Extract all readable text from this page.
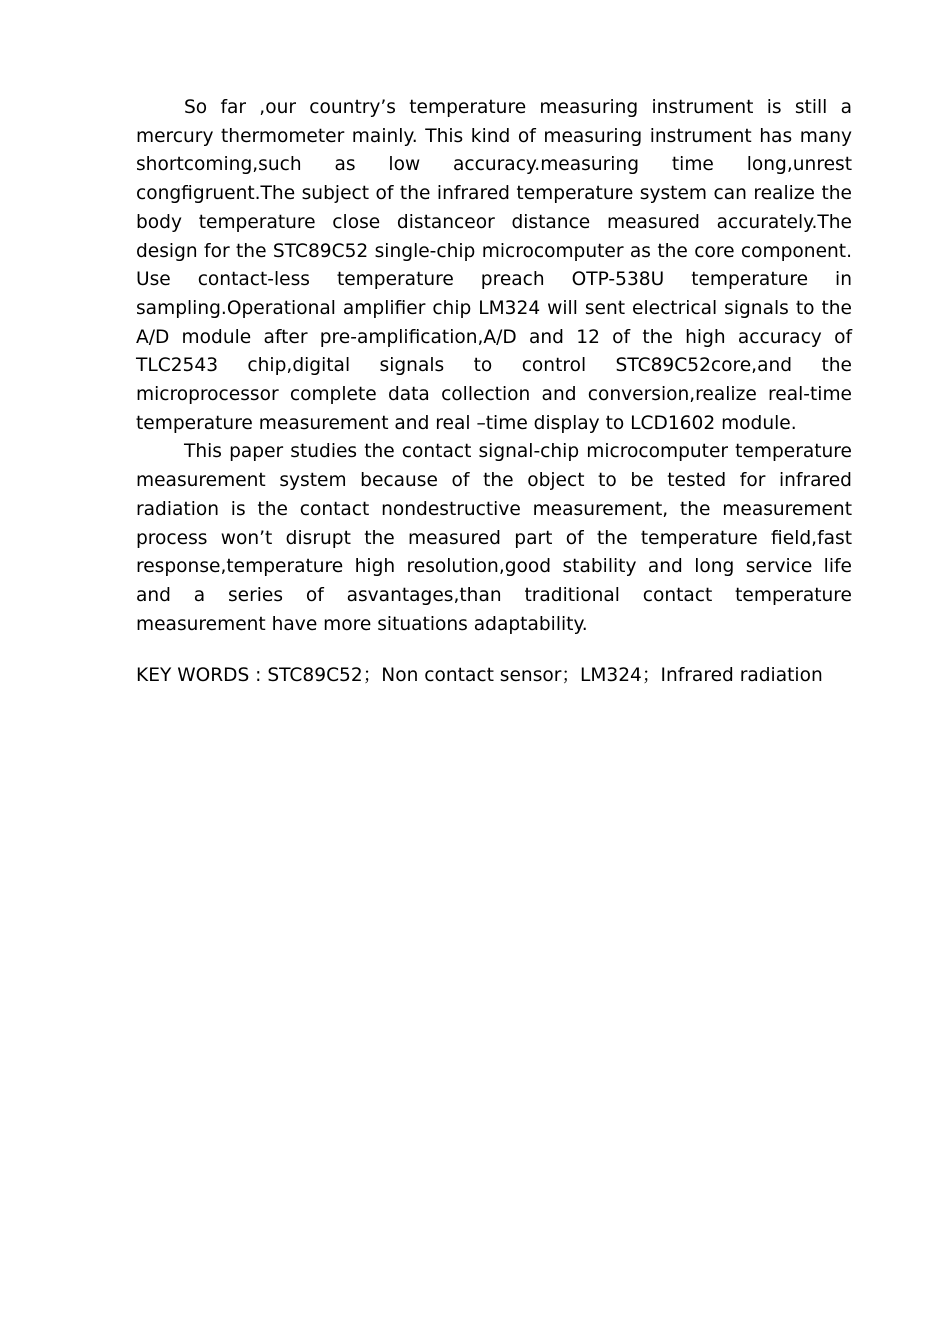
So far ,our country’s temperature measuring instrument is still a mercury thermometer mainly. This kind of measuring instrument has many shortcoming,such as low accuracy.measuring time long,unrest congfigruent.The subject of the infrared temperature system can realize the body temperature close distanceor distance measured accurately.The design for the STC89C52 single-chip microcomputer as the core component. Use contact-less temperature preach OTP-538U temperature in sampling.Operational amplifier chip LM324 will sent electrical signals to the A/D module after pre-amplification,A/D and 12 of the high accuracy of TLC2543 chip,digital signals to control STC89C52core,and the microprocessor complete data collection and conversion,realize real-time temperature measurement and real –time display to LCD1602 module.

This paper studies the contact signal-chip microcomputer temperature measurement system because of the object to be tested for infrared radiation is the contact nondestructive measurement, the measurement process won’t disrupt the measured part of the temperature field,fast response,temperature high resolution,good stability and long service life and a series of asvantages,than traditional contact temperature measurement have more situations adaptability.

KEY WORDS : STC89C52；Non contact sensor；LM324；Infrared radiation
